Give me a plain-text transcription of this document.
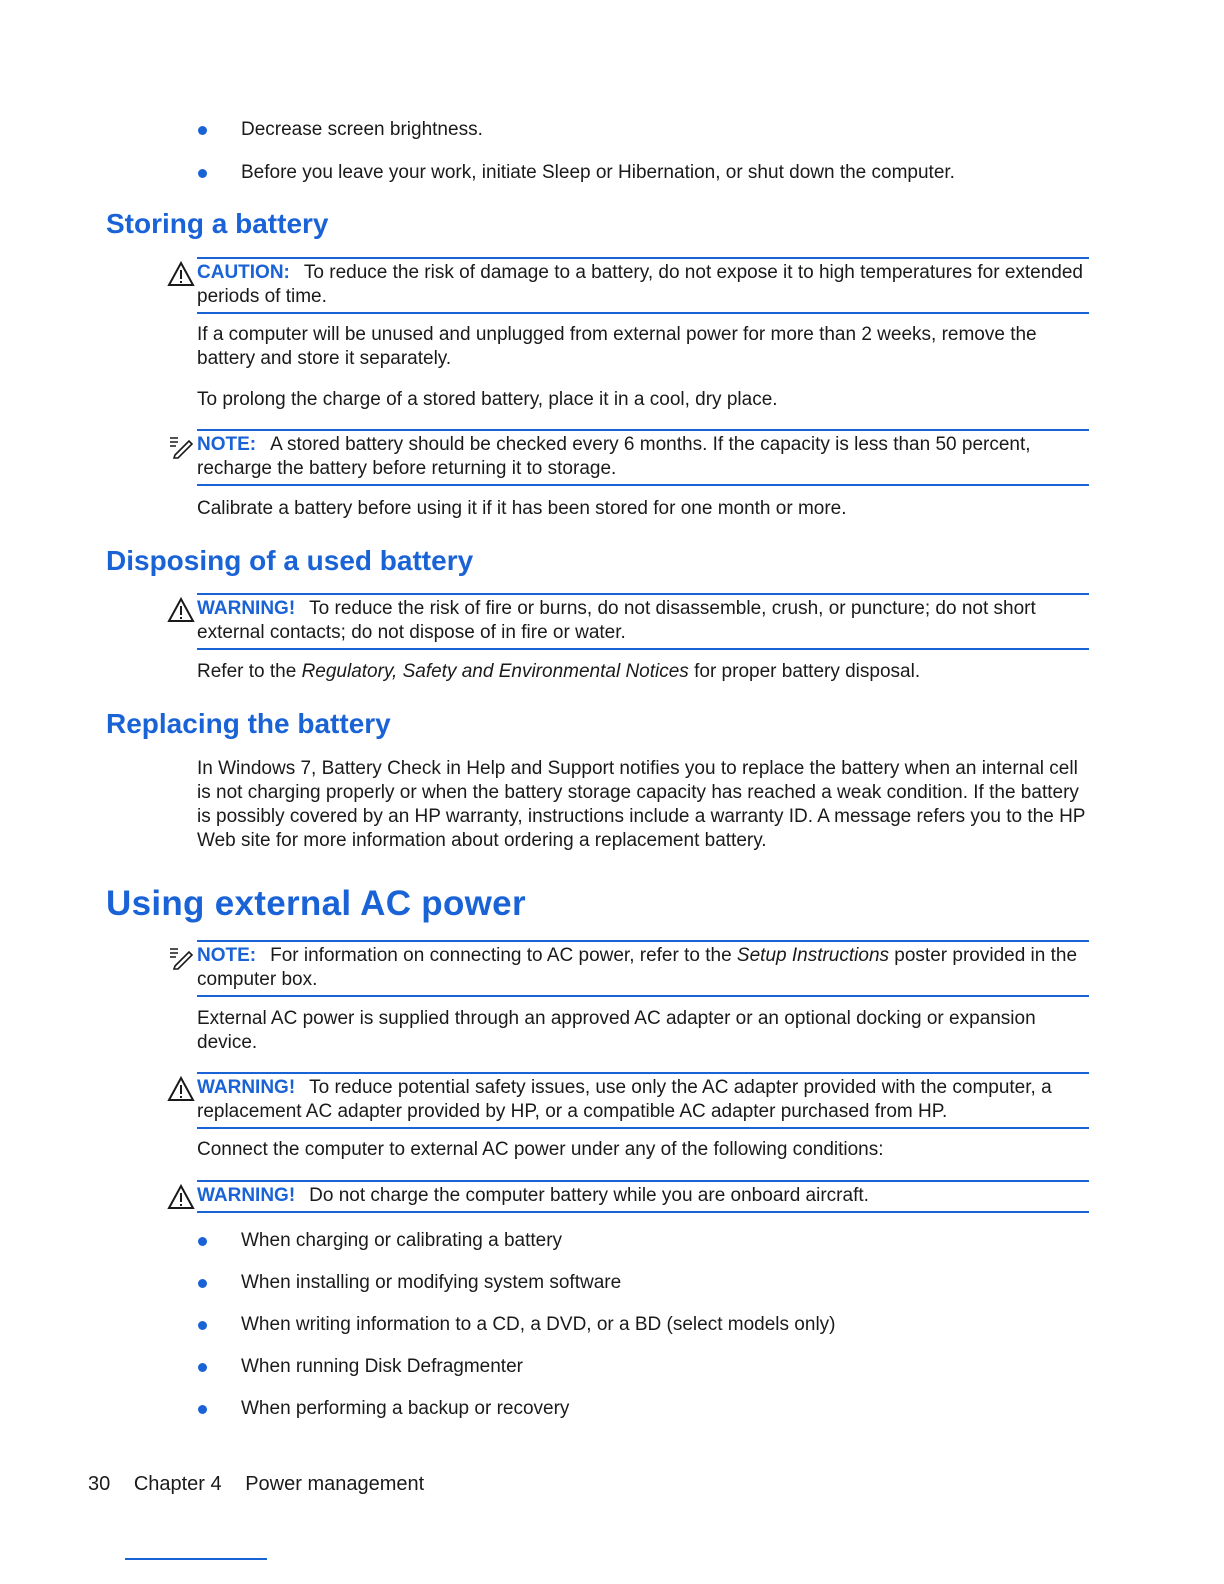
Decrease screen brightness.
Before you leave your work, initiate Sleep or Hibernation, or shut down the computer.
Storing a battery
CAUTION: To reduce the risk of damage to a battery, do not expose it to high temperatures for extended periods of time.

If a computer will be unused and unplugged from external power for more than 2 weeks, remove the battery and store it separately.

To prolong the charge of a stored battery, place it in a cool, dry place.

NOTE: A stored battery should be checked every 6 months. If the capacity is less than 50 percent, recharge the battery before returning it to storage.

Calibrate a battery before using it if it has been stored for one month or more.

Disposing of a used battery
WARNING! To reduce the risk of fire or burns, do not disassemble, crush, or puncture; do not short external contacts; do not dispose of in fire or water.

Refer to the Regulatory, Safety and Environmental Notices for proper battery disposal.

Replacing the battery

In Windows 7, Battery Check in Help and Support notifies you to replace the battery when an internal cell is not charging properly or when the battery storage capacity has reached a weak condition. If the battery is possibly covered by an HP warranty, instructions include a warranty ID. A message refers you to the HP Web site for more information about ordering a replacement battery.

Using external AC power
NOTE: For information on connecting to AC power, refer to the Setup Instructions poster provided in the computer box.

External AC power is supplied through an approved AC adapter or an optional docking or expansion device.

WARNING! To reduce potential safety issues, use only the AC adapter provided with the computer, a replacement AC adapter provided by HP, or a compatible AC adapter purchased from HP.

Connect the computer to external AC power under any of the following conditions:

WARNING! Do not charge the computer battery while you are onboard aircraft.
When charging or calibrating a battery
When installing or modifying system software
When writing information to a CD, a DVD, or a BD (select models only)
When running Disk Defragmenter
When performing a backup or recovery
30 Chapter 4 Power management
